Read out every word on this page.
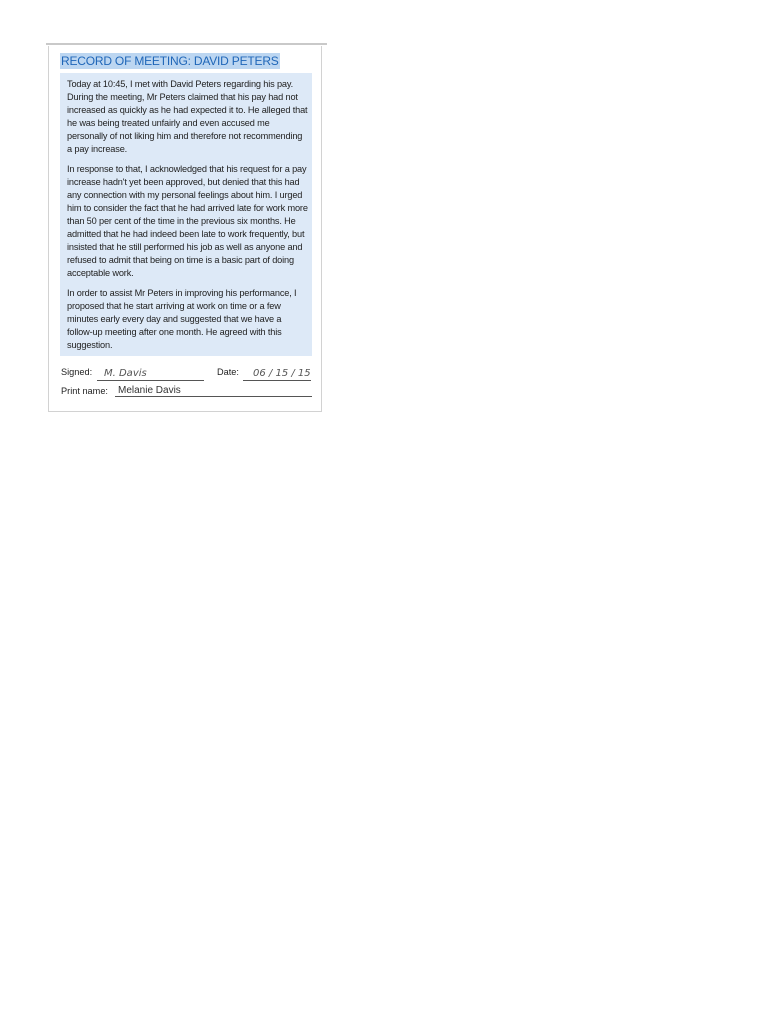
RECORD OF MEETING: DAVID PETERS

Today at 10:45, I met with David Peters regarding his pay. During the meeting, Mr Peters claimed that his pay had not increased as quickly as he had expected it to. He alleged that he was being treated unfairly and even accused me personally of not liking him and therefore not recommending a pay increase.

In response to that, I acknowledged that his request for a pay increase hadn't yet been approved, but denied that this had any connection with my personal feelings about him. I urged him to consider the fact that he had arrived late for work more than 50 per cent of the time in the previous six months. He admitted that he had indeed been late to work frequently, but insisted that he still performed his job as well as anyone and refused to admit that being on time is a basic part of doing acceptable work.

In order to assist Mr Peters in improving his performance, I proposed that he start arriving at work on time or a few minutes early every day and suggested that we have a follow-up meeting after one month. He agreed with this suggestion.

Signed: M. Davis	Date: 06 / 15 / 15
Print name: Melanie Davis
